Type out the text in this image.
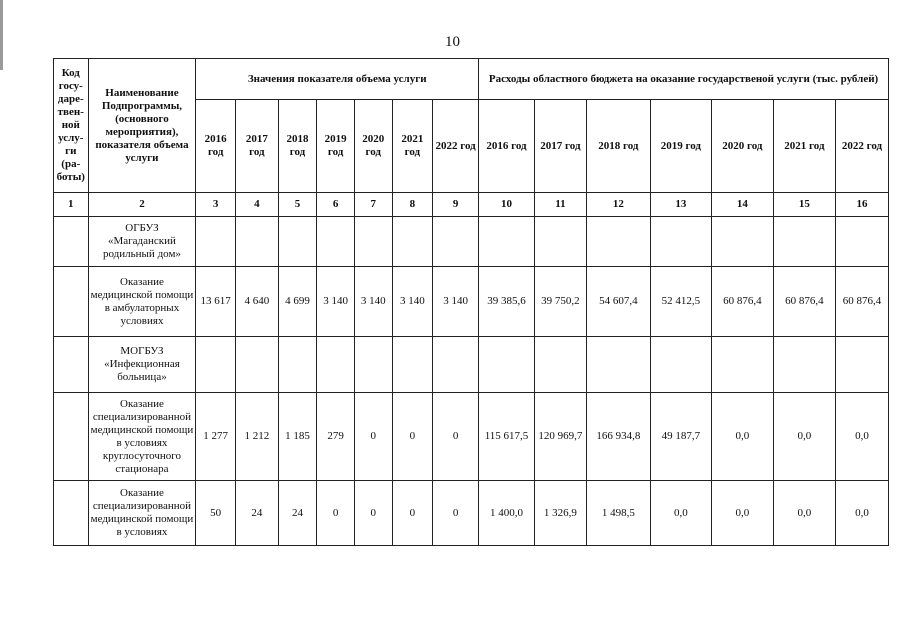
10
Код госу-даре-твен-ной услу-ги (ра-боты)	Наименование Подпрограммы, (основного мероприятия), показателя объема услуги	Значения показателя объема услуги							Расходы областного бюджета на оказание государственой услуги (тыс. рублей)						
		2016 год	2017 год	2018 год	2019 год	2020 год	2021 год	2022 год	2016 год	2017 год	2018 год	2019 год	2020 год	2021 год	2022 год
1	2	3	4	5	6	7	8	9	10	11	12	13	14	15	16
	ОГБУЗ «Магаданский родильный дом»														
	Оказание медицинской помощи в амбулаторных условиях	13 617	4 640	4 699	3 140	3 140	3 140	3 140	39 385,6	39 750,2	54 607,4	52 412,5	60 876,4	60 876,4	60 876,4
	МОГБУЗ «Инфекционная больница»														
	Оказание специализированной медицинской помощи в условиях круглосуточного стационара	1 277	1 212	1 185	279	0	0	0	115 617,5	120 969,7	166 934,8	49 187,7	0,0	0,0	0,0
	Оказание специализированной медицинской помощи в условиях	50	24	24	0	0	0	0	1 400,0	1 326,9	1 498,5	0,0	0,0	0,0	0,0
